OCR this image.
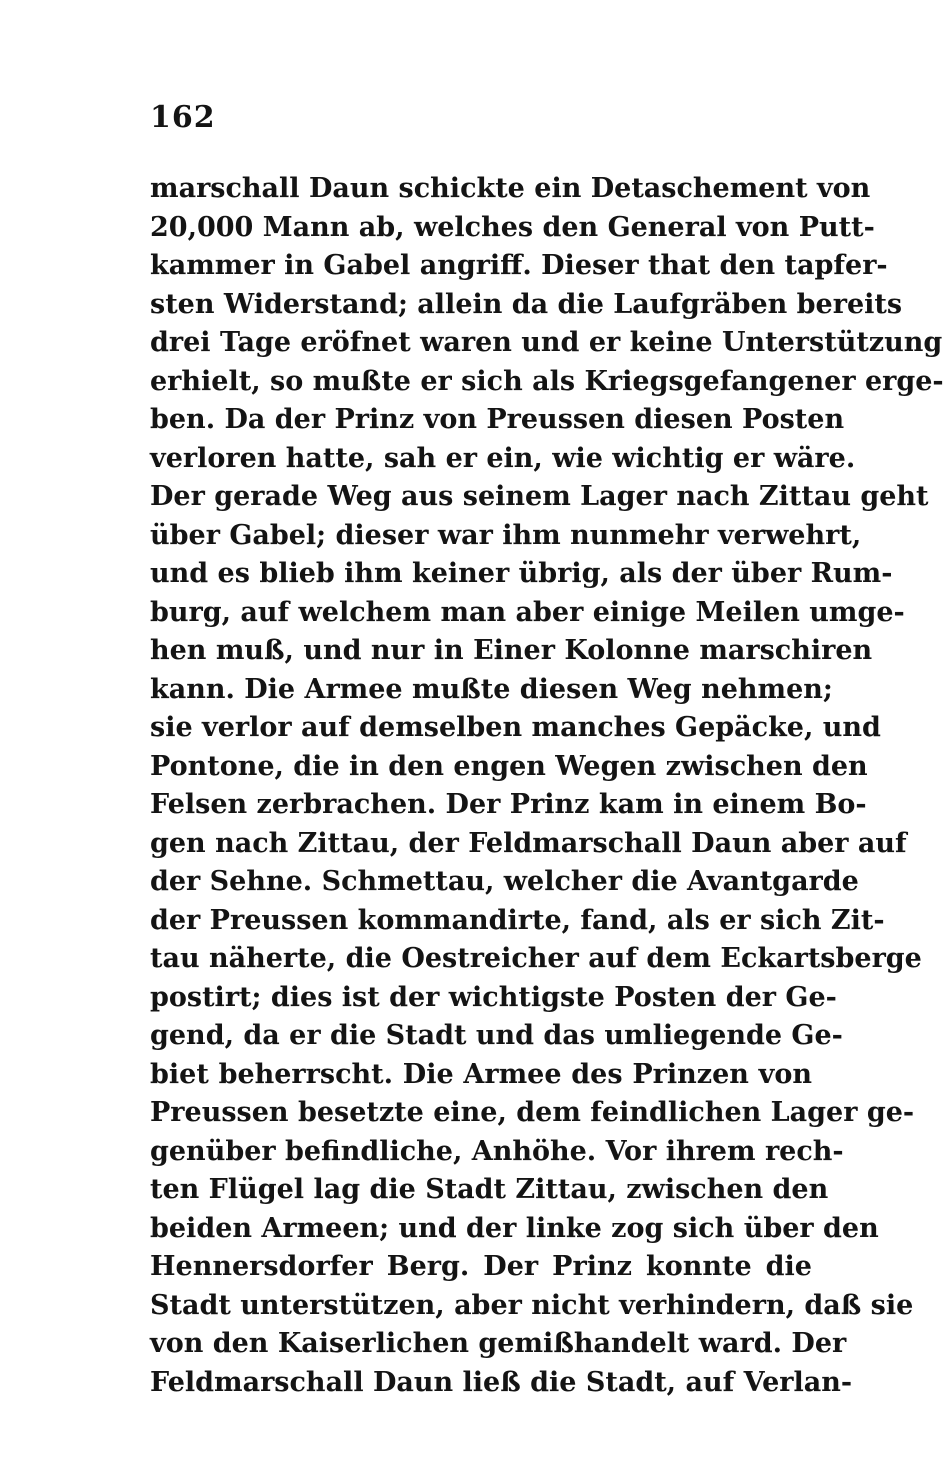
162
marschall Daun schickte ein Detaschement von
20,000 Mann ab, welches den General von Putt-
kammer in Gabel angriff. Dieser that den tapfer-
sten Widerstand; allein da die Laufgräben bereits
drei Tage eröfnet waren und er keine Unterstützung
erhielt, so mußte er sich als Kriegsgefangener erge-
ben. Da der Prinz von Preussen diesen Posten
verloren hatte, sah er ein, wie wichtig er wäre.
Der gerade Weg aus seinem Lager nach Zittau geht
über Gabel; dieser war ihm nunmehr verwehrt,
und es blieb ihm keiner übrig, als der über Rum-
burg, auf welchem man aber einige Meilen umge-
hen muß, und nur in Einer Kolonne marschiren
kann. Die Armee mußte diesen Weg nehmen;
sie verlor auf demselben manches Gepäcke, und
Pontone, die in den engen Wegen zwischen den
Felsen zerbrachen. Der Prinz kam in einem Bo-
gen nach Zittau, der Feldmarschall Daun aber auf
der Sehne. Schmettau, welcher die Avantgarde
der Preussen kommandirte, fand, als er sich Zit-
tau näherte, die Oestreicher auf dem Eckartsberge
postirt; dies ist der wichtigste Posten der Ge-
gend, da er die Stadt und das umliegende Ge-
biet beherrscht. Die Armee des Prinzen von
Preussen besetzte eine, dem feindlichen Lager ge-
genüber befindliche, Anhöhe. Vor ihrem rech-
ten Flügel lag die Stadt Zittau, zwischen den
beiden Armeen; und der linke zog sich über den
Hennersdorfer Berg. Der Prinz konnte die
Stadt unterstützen, aber nicht verhindern, daß sie
von den Kaiserlichen gemißhandelt ward. Der
Feldmarschall Daun ließ die Stadt, auf Verlan-
